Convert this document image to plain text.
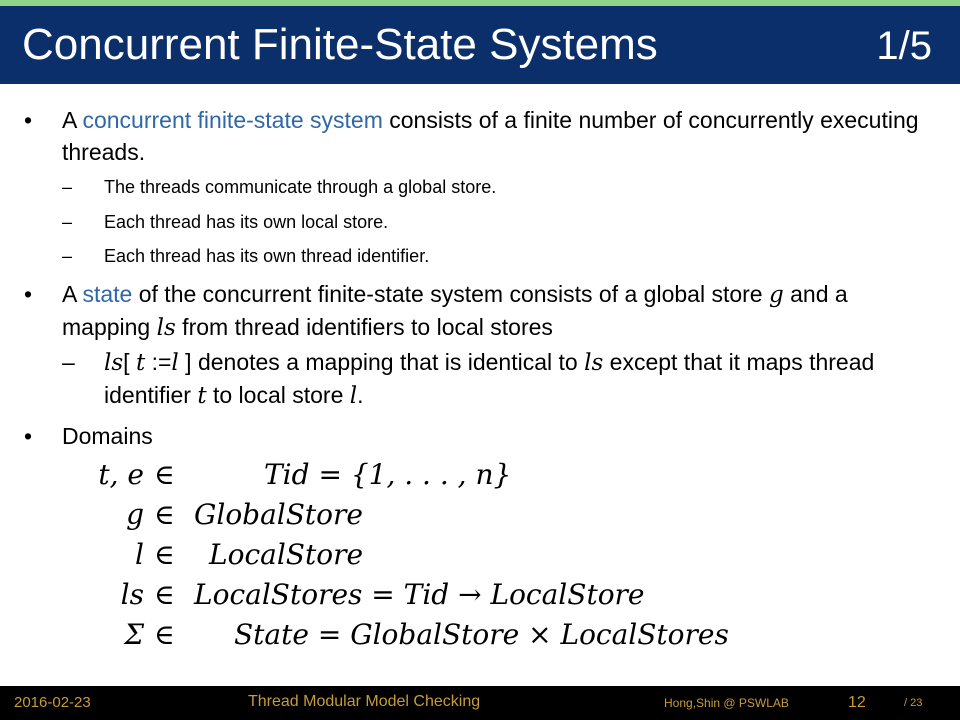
Concurrent Finite-State Systems	1/5
• A concurrent finite-state system consists of a finite number of concurrently executing threads.
– The threads communicate through a global store.
– Each thread has its own local store.
– Each thread has its own thread identifier.
• A state of the concurrent finite-state system consists of a global store g and a mapping ls from thread identifiers to local stores
– ls[ t :=l ] denotes a mapping that is identical to ls except that it maps thread identifier t to local store l.
• Domains
t, e ∈	Tid = {1, . . . , n}
g ∈ GlobalStore
l ∈ LocalStore
ls ∈ LocalStores = Tid → LocalStore
Σ ∈ State = GlobalStore × LocalStores
2016-02-23	Thread Modular Model Checking	Hong,Shin @ PSWLAB	12	/ 23
